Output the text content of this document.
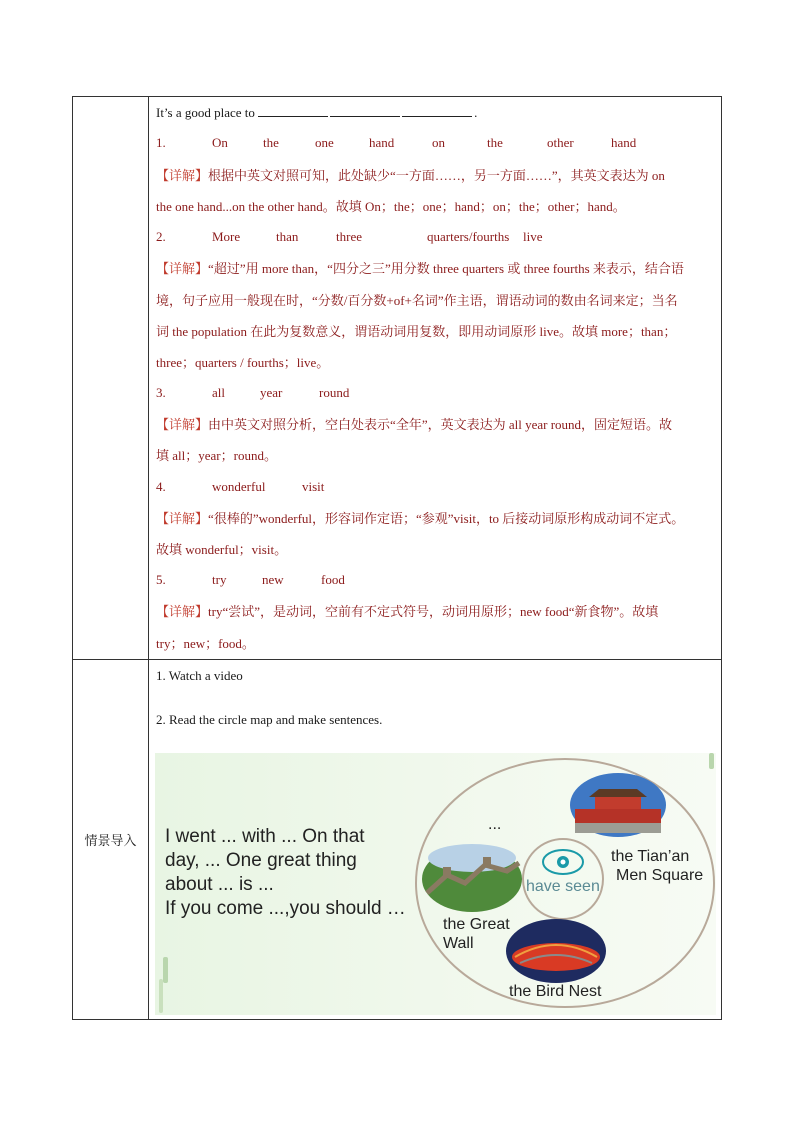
It’s a good place to	.
1.	On	the	one	hand	on	the	other	hand
【详解】根据中英文对照可知，此处缺少“一方面……，另一方面……”，其英文表达为 on
the one hand...on the other hand。故填 On；the；one；hand；on；the；other；hand。
2.	More	than	three	quarters/fourths live
【详解】“超过”用 more than，“四分之三”用分数 three quarters 或 three fourths 来表示，结合语
境，句子应用一般现在时，“分数/百分数+of+名词”作主语，谓语动词的数由名词来定；当名
词 the population 在此为复数意义，谓语动词用复数，即用动词原形 live。故填 more；than；
three；quarters / fourths；live。
3.	all	year	round
【详解】由中英文对照分析，空白处表示“全年”，英文表达为 all year round，固定短语。故
填 all；year；round。
4.	wonderful	visit
【详解】“很棒的”wonderful，形容词作定语；“参观”visit，to 后接动词原形构成动词不定式。
故填 wonderful；visit。
5.	try	new	food
【详解】try“尝试”，是动词，空前有不定式符号，动词用原形；new food“新食物”。故填
try；new；food。
情景导入
1. Watch a video
2. Read the circle map and make sentences.
I went ... with ... On that
day, ... One great thing
about ... is ...
If you come ...,you should …
...
have seen
the Tian’an
Men Square
the Great
Wall
the Bird Nest
